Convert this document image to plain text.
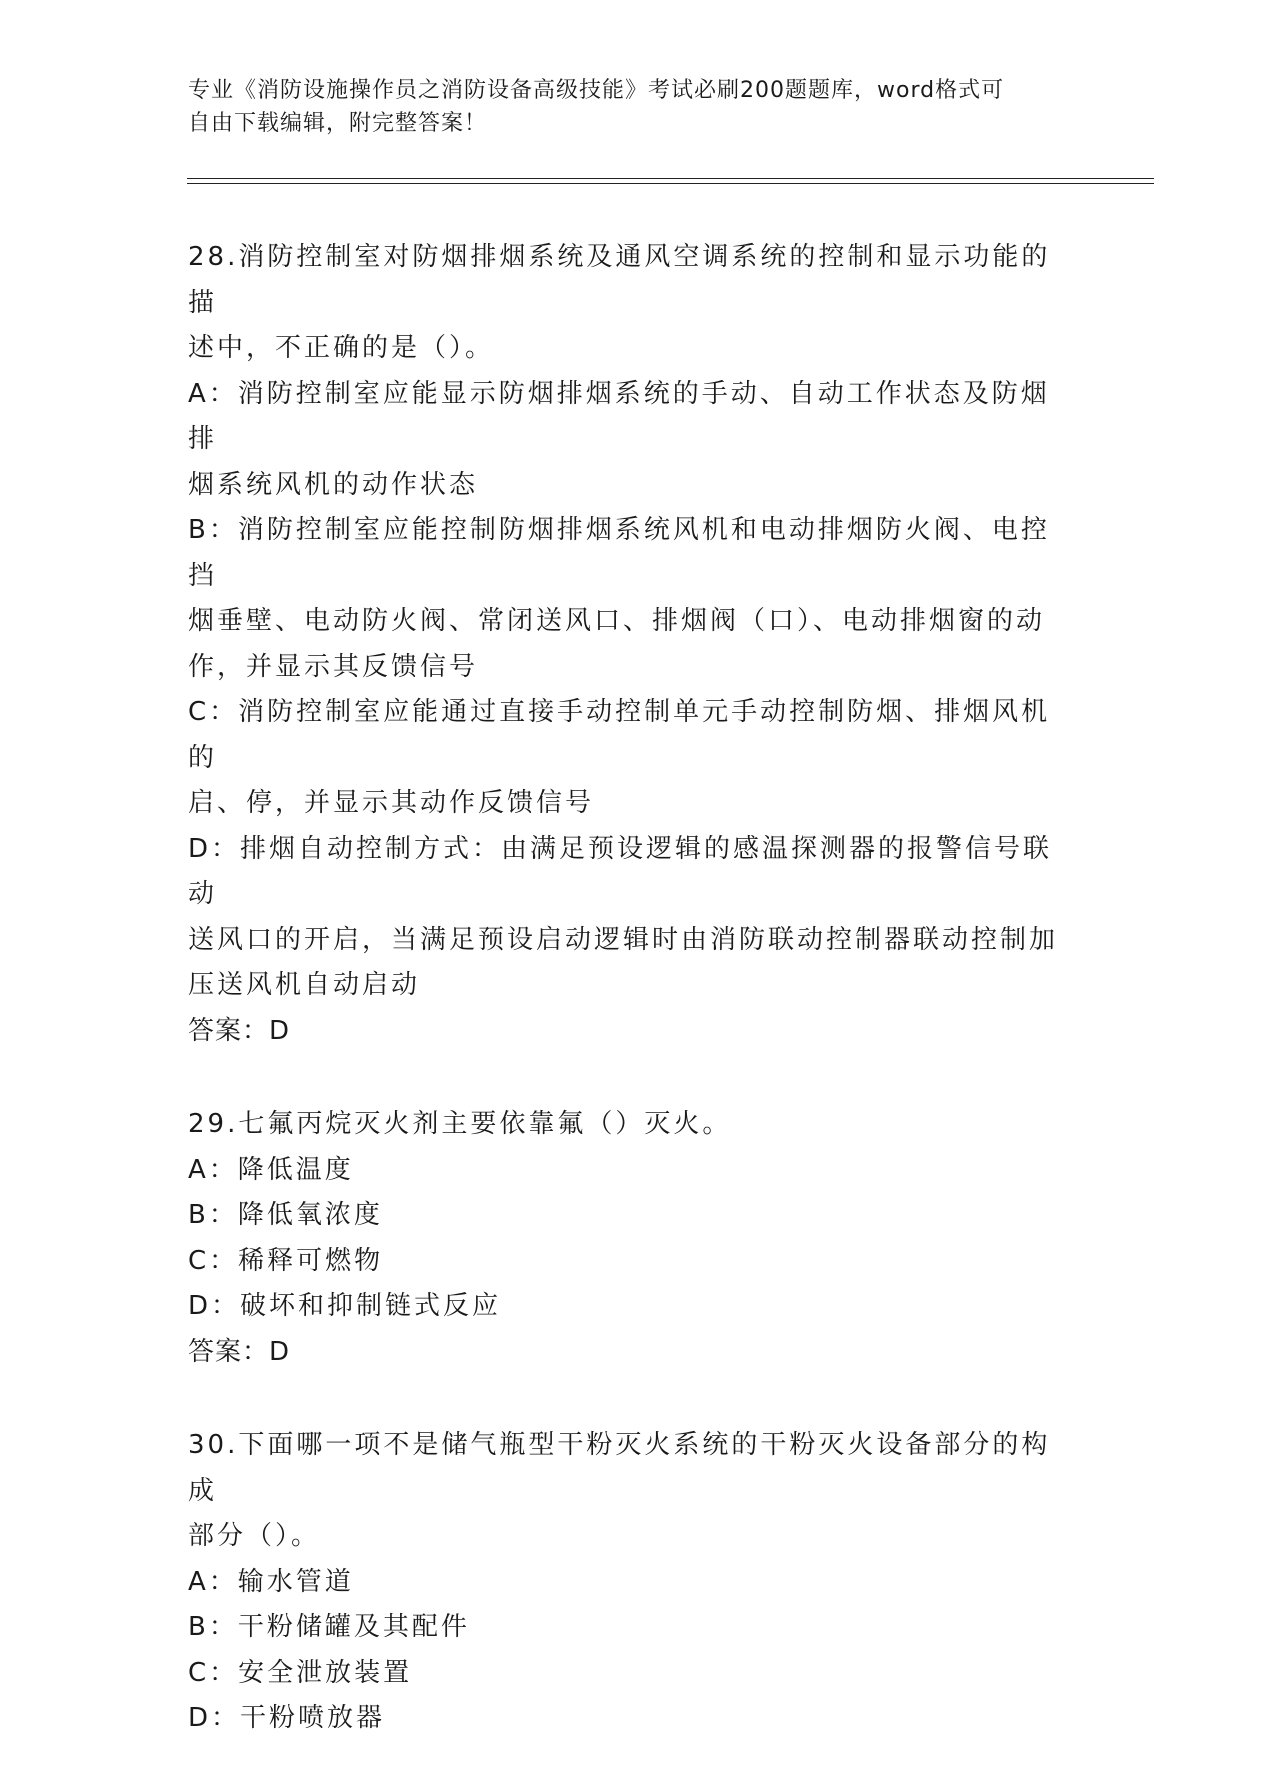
专业《消防设施操作员之消防设备高级技能》考试必刷200题题库，word格式可
自由下载编辑，附完整答案！

28.消防控制室对防烟排烟系统及通风空调系统的控制和显示功能的描

述中，不正确的是（）。

A：消防控制室应能显示防烟排烟系统的手动、自动工作状态及防烟排

烟系统风机的动作状态

B：消防控制室应能控制防烟排烟系统风机和电动排烟防火阀、电控挡

烟垂壁、电动防火阀、常闭送风口、排烟阀（口）、电动排烟窗的动

作，并显示其反馈信号

C：消防控制室应能通过直接手动控制单元手动控制防烟、排烟风机的

启、停，并显示其动作反馈信号

D：排烟自动控制方式：由满足预设逻辑的感温探测器的报警信号联动

送风口的开启，当满足预设启动逻辑时由消防联动控制器联动控制加

压送风机自动启动

答案：D

29.七氟丙烷灭火剂主要依靠氟（）灭火。

A：降低温度

B：降低氧浓度

C：稀释可燃物

D：破坏和抑制链式反应

答案：D

30.下面哪一项不是储气瓶型干粉灭火系统的干粉灭火设备部分的构成

部分（）。

A：输水管道

B：干粉储罐及其配件

C：安全泄放装置

D：干粉喷放器
